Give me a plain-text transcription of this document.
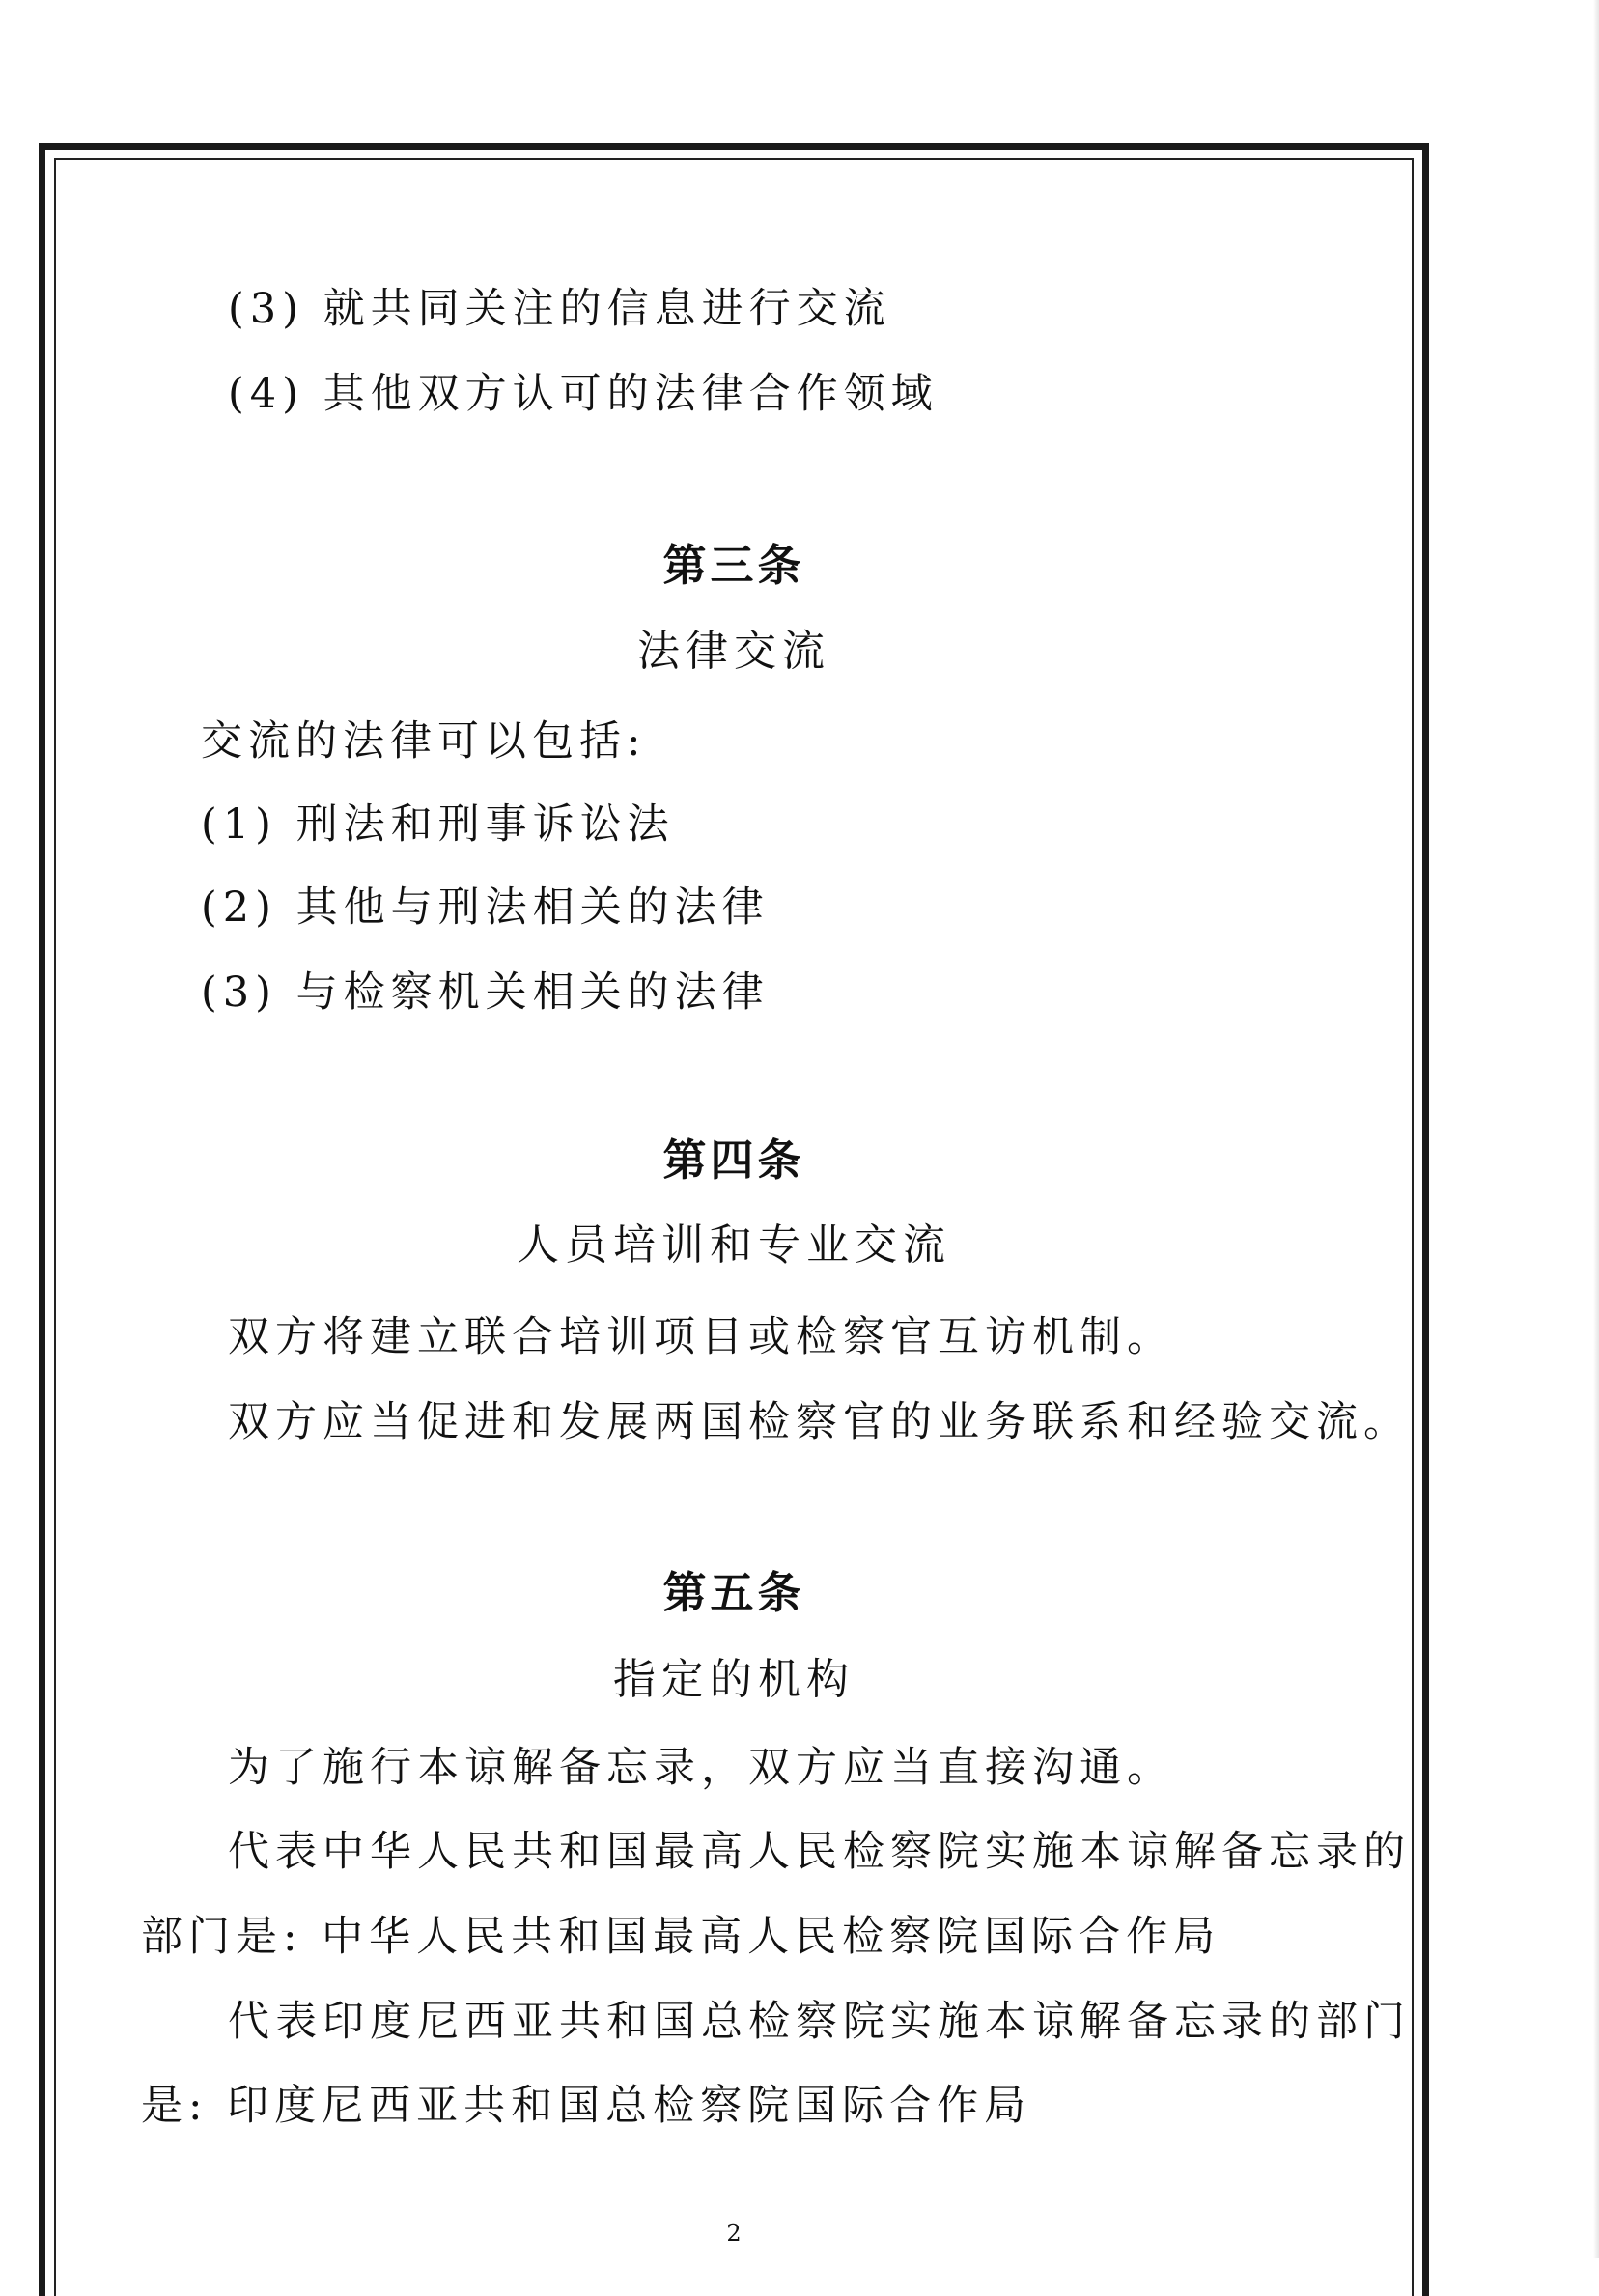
(3) 就共同关注的信息进行交流
(4) 其他双方认可的法律合作领域
第三条
法律交流
交流的法律可以包括:
(1) 刑法和刑事诉讼法
(2) 其他与刑法相关的法律
(3) 与检察机关相关的法律
第四条
人员培训和专业交流
双方将建立联合培训项目或检察官互访机制。
双方应当促进和发展两国检察官的业务联系和经验交流。
第五条
指定的机构
为了施行本谅解备忘录，双方应当直接沟通。
代表中华人民共和国最高人民检察院实施本谅解备忘录的
部门是: 中华人民共和国最高人民检察院国际合作局
代表印度尼西亚共和国总检察院实施本谅解备忘录的部门
是: 印度尼西亚共和国总检察院国际合作局
2
